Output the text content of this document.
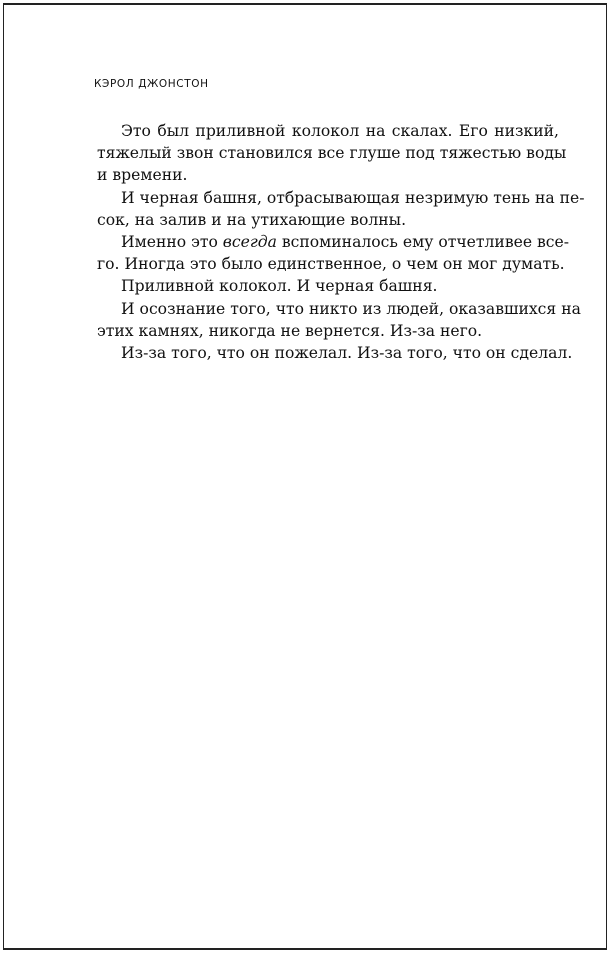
КЭРОЛ ДЖОНСТОН
Это был приливной колокол на скалах. Его низкий,
тяжелый звон становился все глуше под тяжестью воды
и времени.
И черная башня, отбрасывающая незримую тень на пе-
сок, на залив и на утихающие волны.
Именно это всегда вспоминалось ему отчетливее все-
го. Иногда это было единственное, о чем он мог думать.
Приливной колокол. И черная башня.
И осознание того, что никто из людей, оказавшихся на
этих камнях, никогда не вернется. Из-за него.
Из-за того, что он пожелал. Из-за того, что он сделал.
